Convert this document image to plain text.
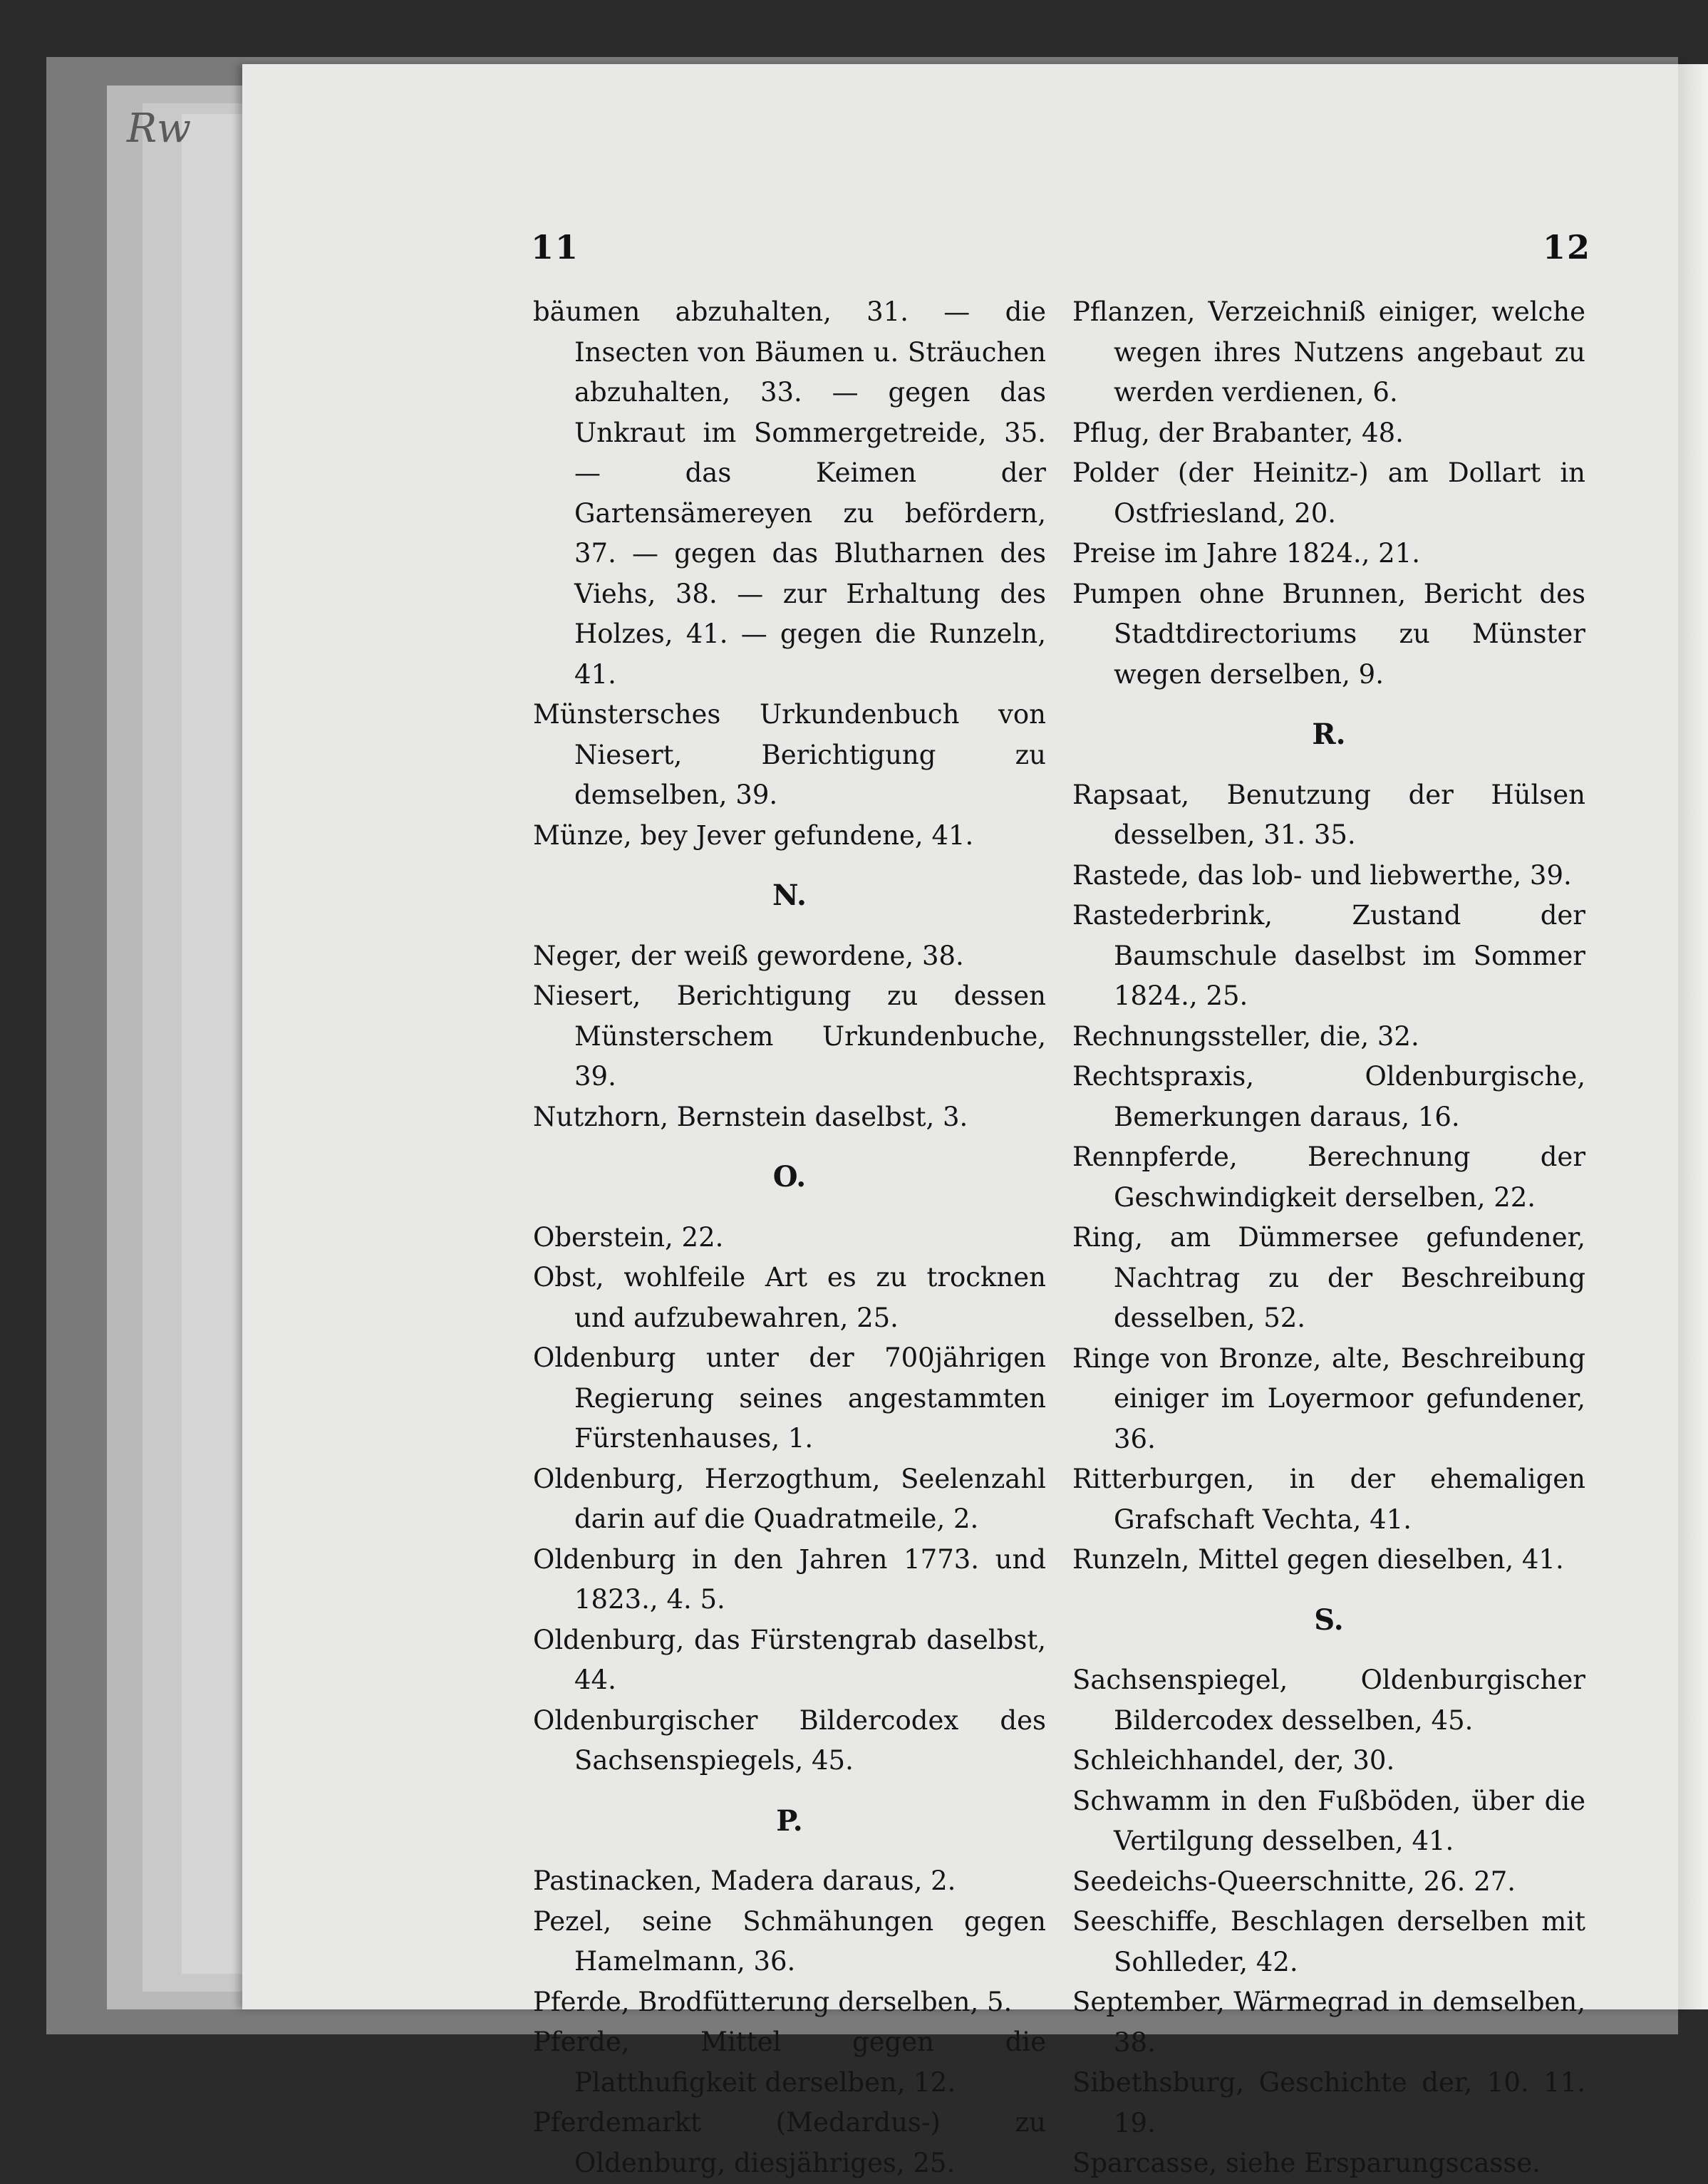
Rw
11	12
bäumen abzuhalten, 31. — die Insecten von Bäumen u. Sträuchen abzuhalten, 33. — gegen das Unkraut im Sommergetreide, 35. — das Keimen der Gartensämereyen zu befördern, 37. — gegen das Blutharnen des Viehs, 38. — zur Erhaltung des Holzes, 41. — gegen die Runzeln, 41.
Münstersches Urkundenbuch von Niesert, Berichtigung zu demselben, 39.
Münze, bey Jever gefundene, 41.
N.
Neger, der weiß gewordene, 38.
Niesert, Berichtigung zu dessen Münsterschem Urkundenbuche, 39.
Nutzhorn, Bernstein daselbst, 3.
O.
Oberstein, 22.
Obst, wohlfeile Art es zu trocknen und aufzubewahren, 25.
Oldenburg unter der 700jährigen Regierung seines angestammten Fürstenhauses, 1.
Oldenburg, Herzogthum, Seelenzahl darin auf die Quadratmeile, 2.
Oldenburg in den Jahren 1773. und 1823., 4. 5.
Oldenburg, das Fürstengrab daselbst, 44.
Oldenburgischer Bildercodex des Sachsenspiegels, 45.
P.
Pastinacken, Madera daraus, 2.
Pezel, seine Schmähungen gegen Hamelmann, 36.
Pferde, Brodfütterung derselben, 5.
Pferde, Mittel gegen die Platthufigkeit derselben, 12.
Pferdemarkt (Medardus-) zu Oldenburg, diesjähriges, 25.
Pflanzen, Verzeichniß einiger, welche wegen ihres Nutzens angebaut zu werden verdienen, 6.
Pflug, der Brabanter, 48.
Polder (der Heinitz-) am Dollart in Ostfriesland, 20.
Preise im Jahre 1824., 21.
Pumpen ohne Brunnen, Bericht des Stadtdirectoriums zu Münster wegen derselben, 9.
R.
Rapsaat, Benutzung der Hülsen desselben, 31. 35.
Rastede, das lob- und liebwerthe, 39.
Rastederbrink, Zustand der Baumschule daselbst im Sommer 1824., 25.
Rechnungssteller, die, 32.
Rechtspraxis, Oldenburgische, Bemerkungen daraus, 16.
Rennpferde, Berechnung der Geschwindigkeit derselben, 22.
Ring, am Dümmersee gefundener, Nachtrag zu der Beschreibung desselben, 52.
Ringe von Bronze, alte, Beschreibung einiger im Loyermoor gefundener, 36.
Ritterburgen, in der ehemaligen Grafschaft Vechta, 41.
Runzeln, Mittel gegen dieselben, 41.
S.
Sachsenspiegel, Oldenburgischer Bildercodex desselben, 45.
Schleichhandel, der, 30.
Schwamm in den Fußböden, über die Vertilgung desselben, 41.
Seedeichs-Queerschnitte, 26. 27.
Seeschiffe, Beschlagen derselben mit Sohlleder, 42.
September, Wärmegrad in demselben, 38.
Sibethsburg, Geschichte der, 10. 11. 19.
Sparcasse, siehe Ersparungscasse.
